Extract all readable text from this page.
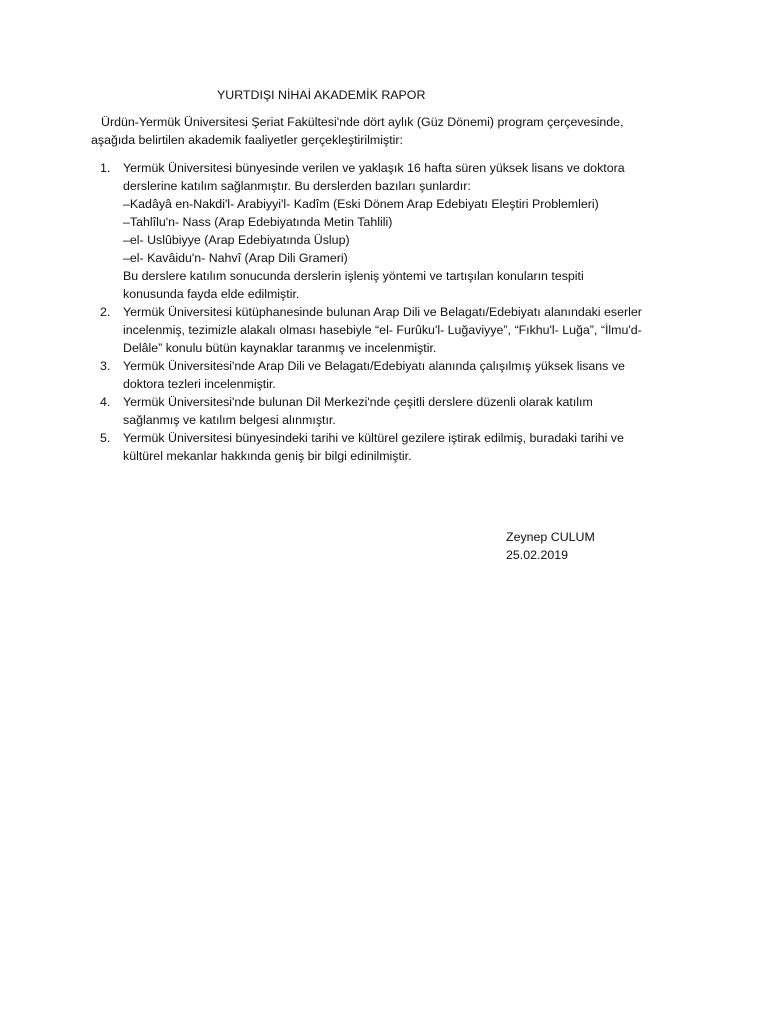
YURTDIŞI NİHAİ AKADEMİK RAPOR

Ürdün-Yermük Üniversitesi Şeriat Fakültesi'nde dört aylık (Güz Dönemi) program çerçevesinde,

aşağıda belirtilen akademik faaliyetler gerçekleştirilmiştir:
1. Yermük Üniversitesi bünyesinde verilen ve yaklaşık 16 hafta süren yüksek lisans ve doktora
derslerine katılım sağlanmıştır. Bu derslerden bazıları şunlardır:
–Kadâyâ en-Nakdi'l- Arabiyyi'l- Kadîm (Eski Dönem Arap Edebiyatı Eleştiri Problemleri)
–Tahlîlu'n- Nass (Arap Edebiyatında Metin Tahlili)
–el- Uslûbiyye (Arap Edebiyatında Üslup)
–el- Kavâidu'n- Nahvî (Arap Dili Gramerі)
Bu derslere katılım sonucunda derslerin işleniş yöntemi ve tartışılan konuların tespiti
konusunda fayda elde edilmiştir.
2. Yermük Üniversitesi kütüphanesinde bulunan Arap Dili ve Belagatı/Edebiyatı alanındaki eserler
incelenmiş, tezimizle alakalı olması hasebiyle “el- Furûku'l- Luğaviyye”, “Fıkhu'l- Luğa”, “İlmu'd-
Delâle” konulu bütün kaynaklar taranmış ve incelenmiştir.
3. Yermük Üniversitesi'nde Arap Dili ve Belagatı/Edebiyatı alanında çalışılmış yüksek lisans ve
doktora tezleri incelenmiştir.
4. Yermük Üniversitesi'nde bulunan Dil Merkezi'nde çeşitli derslere düzenli olarak katılım
sağlanmış ve katılım belgesi alınmıştır.
5. Yermük Üniversitesi bünyesindeki tarihi ve kültürel gezilere iştirak edilmiş, buradaki tarihi ve
kültürel mekanlar hakkında geniş bir bilgi edinilmiştir.
Zeynep CULUM
25.02.2019
